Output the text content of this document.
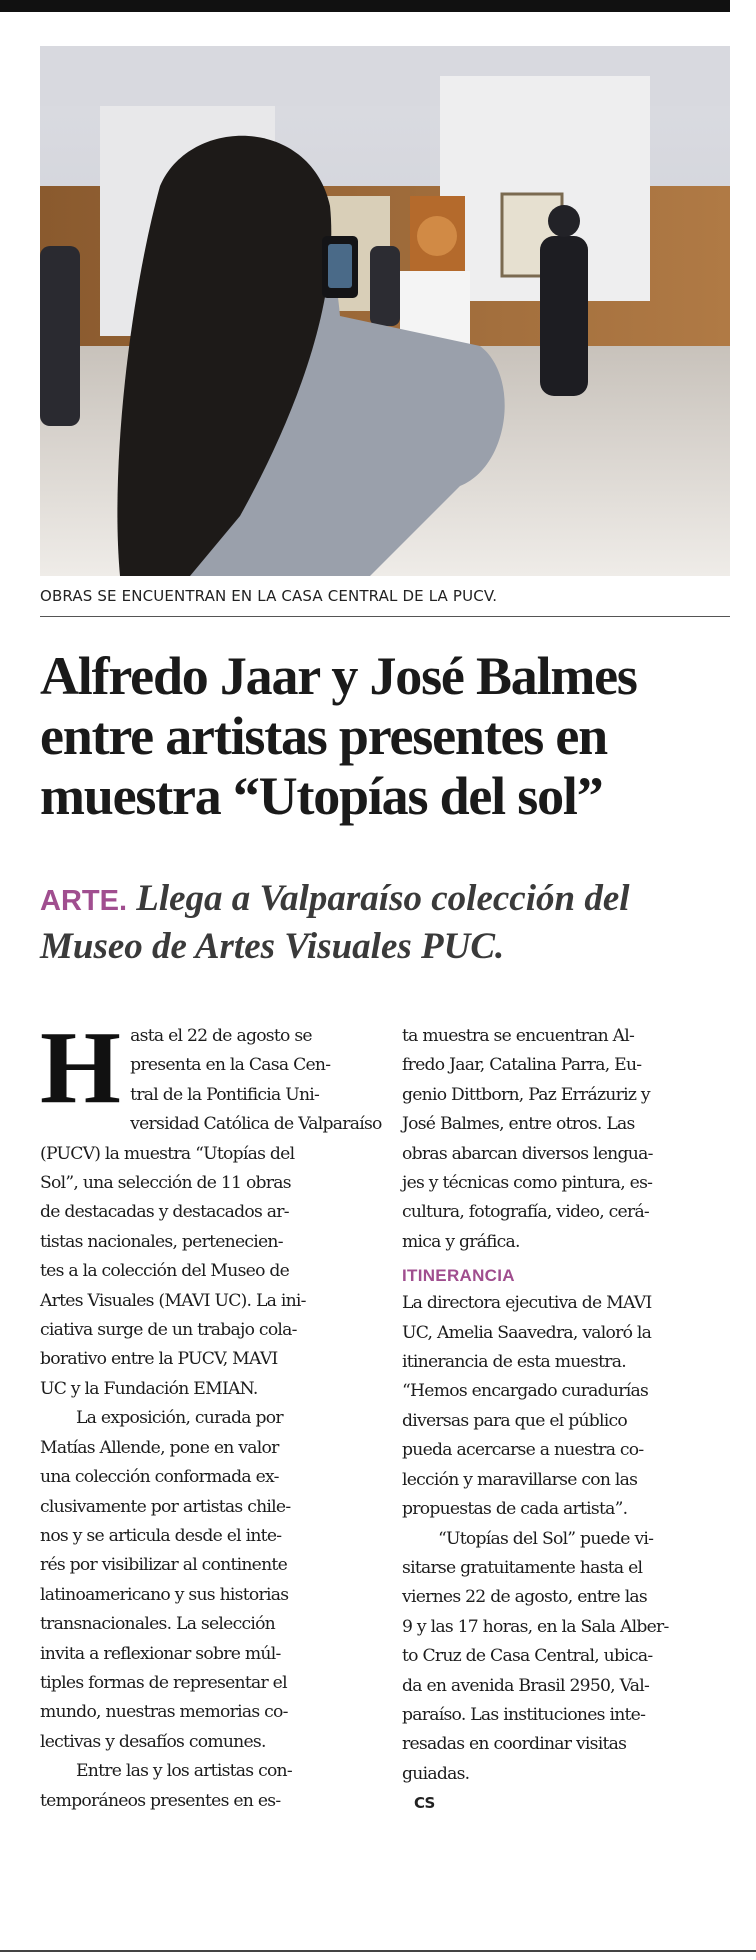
OBRAS SE ENCUENTRAN EN LA CASA CENTRAL DE LA PUCV.
Alfredo Jaar y José Balmes
entre artistas presentes en
muestra “Utopías del sol”

ARTE. Llega a Valparaíso colección del
Museo de Artes Visuales PUC.

H asta el 22 de agosto se
presenta en la Casa Cen-
tral de la Pontificia Uni-
versidad Católica de Valparaíso
(PUCV) la muestra “Utopías del
Sol”, una selección de 11 obras
de destacadas y destacados ar-
tistas nacionales, pertenecien-
tes a la colección del Museo de
Artes Visuales (MAVI UC). La ini-
ciativa surge de un trabajo cola-
borativo entre la PUCV, MAVI
UC y la Fundación EMIAN.

La exposición, curada por
Matías Allende, pone en valor
una colección conformada ex-
clusivamente por artistas chile-
nos y se articula desde el inte-
rés por visibilizar al continente
latinoamericano y sus historias
transnacionales. La selección
invita a reflexionar sobre múl-
tiples formas de representar el
mundo, nuestras memorias co-
lectivas y desafíos comunes.

Entre las y los artistas con-
temporáneos presentes en es-

ta muestra se encuentran Al-
fredo Jaar, Catalina Parra, Eu-
genio Dittborn, Paz Errázuriz y
José Balmes, entre otros. Las
obras abarcan diversos lengua-
jes y técnicas como pintura, es-
cultura, fotografía, video, cerá-
mica y gráfica.

ITINERANCIA

La directora ejecutiva de MAVI
UC, Amelia Saavedra, valoró la
itinerancia de esta muestra.
“Hemos encargado curadurías
diversas para que el público
pueda acercarse a nuestra co-
lección y maravillarse con las
propuestas de cada artista”.

“Utopías del Sol” puede vi-
sitarse gratuitamente hasta el
viernes 22 de agosto, entre las
9 y las 17 horas, en la Sala Alber-
to Cruz de Casa Central, ubica-
da en avenida Brasil 2950, Val-
paraíso. Las instituciones inte-
resadas en coordinar visitas
guiadas.
CS
